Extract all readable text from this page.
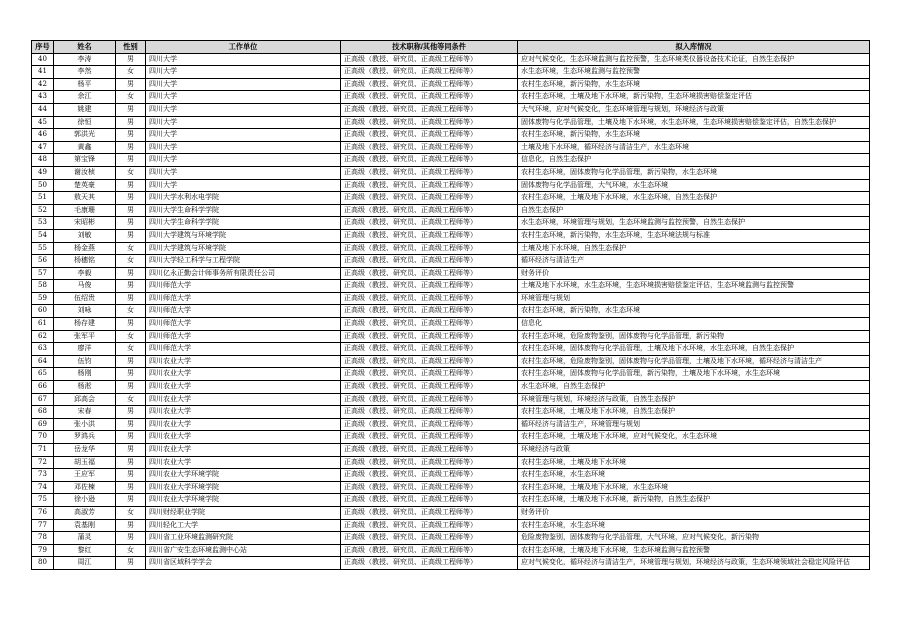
序号	姓名	性别	工作单位	技术职称/其他等同条件	拟入库情况
40	李涛	男	四川大学	正高级（教授、研究员、正高级工程师等）	应对气候变化，生态环境监测与监控预警，生态环境类仪器设备技术论证，自然生态保护
41	李然	女	四川大学	正高级（教授、研究员、正高级工程师等）	水生态环境，生态环境监测与监控预警
42	杨平	男	四川大学	正高级（教授、研究员、正高级工程师等）	农村生态环境，新污染物，水生态环境
43	余江	女	四川大学	正高级（教授、研究员、正高级工程师等）	农村生态环境，土壤及地下水环境，新污染物，生态环境损害赔偿鉴定评估
44	姚建	男	四川大学	正高级（教授、研究员、正高级工程师等）	大气环境，应对气候变化，生态环境管理与规划，环境经济与政策
45	徐恒	男	四川大学	正高级（教授、研究员、正高级工程师等）	固体废物与化学品管理，土壤及地下水环境，水生态环境，生态环境损害赔偿鉴定评估，自然生态保护
46	郭洪光	男	四川大学	正高级（教授、研究员、正高级工程师等）	农村生态环境，新污染物，水生态环境
47	黄鑫	男	四川大学	正高级（教授、研究员、正高级工程师等）	土壤及地下水环境，循环经济与清洁生产，水生态环境
48	第宝锋	男	四川大学	正高级（教授、研究员、正高级工程师等）	信息化，自然生态保护
49	谢汝桢	女	四川大学	正高级（教授、研究员、正高级工程师等）	农村生态环境，固体废物与化学品管理，新污染物，水生态环境
50	楚英豪	男	四川大学	正高级（教授、研究员、正高级工程师等）	固体废物与化学品管理，大气环境，水生态环境
51	敖天其	男	四川大学水利水电学院	正高级（教授、研究员、正高级工程师等）	农村生态环境，土壤及地下水环境，水生态环境，自然生态保护
52	毛康珊	男	四川大学生命科学学院	正高级（教授、研究员、正高级工程师等）	自然生态保护
53	宋昭彬	男	四川大学生命科学学院	正高级（教授、研究员、正高级工程师等）	水生态环境，环境管理与规划，生态环境监测与监控预警，自然生态保护
54	刘敏	男	四川大学建筑与环境学院	正高级（教授、研究员、正高级工程师等）	农村生态环境，新污染物，水生态环境，生态环境法规与标准
55	杨金燕	女	四川大学建筑与环境学院	正高级（教授、研究员、正高级工程师等）	土壤及地下水环境，自然生态保护
56	杨穗铭	女	四川大学轻工科学与工程学院	正高级（教授、研究员、正高级工程师等）	循环经济与清洁生产
57	李毅	男	四川亿永正勤会计师事务所有限责任公司	正高级（教授、研究员、正高级工程师等）	财务评价
58	马俊	男	四川师范大学	正高级（教授、研究员、正高级工程师等）	土壤及地下水环境，水生态环境，生态环境损害赔偿鉴定评估，生态环境监测与监控预警
59	伍绍贵	男	四川师范大学	正高级（教授、研究员、正高级工程师等）	环境管理与规划
60	刘咏	女	四川师范大学	正高级（教授、研究员、正高级工程师等）	农村生态环境，新污染物，水生态环境
61	杨存建	男	四川师范大学	正高级（教授、研究员、正高级工程师等）	信息化
62	张军平	女	四川师范大学	正高级（教授、研究员、正高级工程师等）	农村生态环境，危险废物鉴别，固体废物与化学品管理，新污染物
63	廖洋	女	四川师范大学	正高级（教授、研究员、正高级工程师等）	农村生态环境，固体废物与化学品管理，土壤及地下水环境，水生态环境，自然生态保护
64	伍钧	男	四川农业大学	正高级（教授、研究员、正高级工程师等）	农村生态环境，危险废物鉴别，固体废物与化学品管理，土壤及地下水环境，循环经济与清洁生产
65	杨刚	男	四川农业大学	正高级（教授、研究员、正高级工程师等）	农村生态环境，固体废物与化学品管理，新污染物，土壤及地下水环境，水生态环境
66	杨淞	男	四川农业大学	正高级（教授、研究员、正高级工程师等）	水生态环境，自然生态保护
67	邱高会	女	四川农业大学	正高级（教授、研究员、正高级工程师等）	环境管理与规划，环境经济与政策，自然生态保护
68	宋春	男	四川农业大学	正高级（教授、研究员、正高级工程师等）	农村生态环境，土壤及地下水环境，自然生态保护
69	张小洪	男	四川农业大学	正高级（教授、研究员、正高级工程师等）	循环经济与清洁生产，环境管理与规划
70	罗鸿兵	男	四川农业大学	正高级（教授、研究员、正高级工程师等）	农村生态环境，土壤及地下水环境，应对气候变化，水生态环境
71	岳龙华	男	四川农业大学	正高级（教授、研究员、正高级工程师等）	环境经济与政策
72	胡玉福	男	四川农业大学	正高级（教授、研究员、正高级工程师等）	农村生态环境，土壤及地下水环境
73	王应军	男	四川农业大学环境学院	正高级（教授、研究员、正高级工程师等）	农村生态环境，水生态环境
74	邓佐楝	男	四川农业大学环境学院	正高级（教授、研究员、正高级工程师等）	农村生态环境，土壤及地下水环境，水生态环境
75	徐小逊	男	四川农业大学环境学院	正高级（教授、研究员、正高级工程师等）	农村生态环境，土壤及地下水环境，新污染物，自然生态保护
76	高淑芳	女	四川财经职业学院	正高级（教授、研究员、正高级工程师等）	财务评价
77	袁基刚	男	四川轻化工大学	正高级（教授、研究员、正高级工程师等）	农村生态环境，水生态环境
78	蒲灵	男	四川省工业环境监测研究院	正高级（教授、研究员、正高级工程师等）	危险废物鉴别，固体废物与化学品管理，大气环境，应对气候变化，新污染物
79	黎红	女	四川省广安生态环境监测中心站	正高级（教授、研究员、正高级工程师等）	农村生态环境，土壤及地下水环境，生态环境监测与监控预警
80	周江	男	四川省区域科学学会	正高级（教授、研究员、正高级工程师等）	应对气候变化，循环经济与清洁生产，环境管理与规划，环境经济与政策，生态环境领域社会稳定风险评估
